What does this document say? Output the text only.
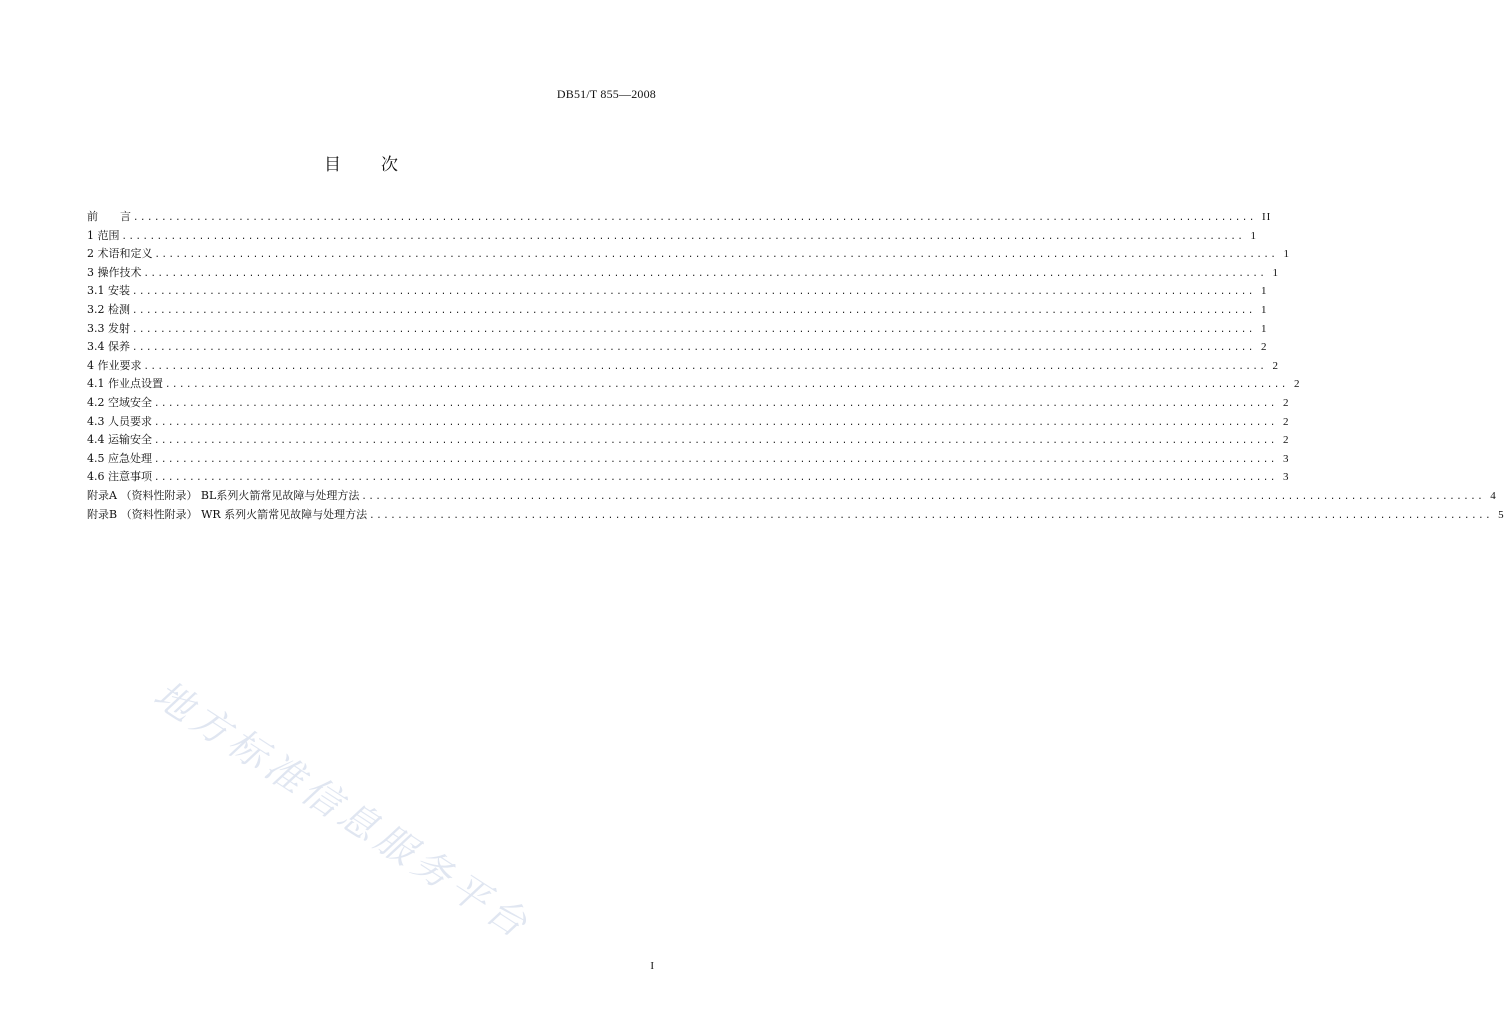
DB51/T 855—2008
目　　次
前　　言 ................................................................................................................................................................ II
1 范围 ................................................................................................................................................................ 1
2 术语和定义 ................................................................................................................................................................ 1
3 操作技术 ................................................................................................................................................................ 1
3.1 安装 ................................................................................................................................................................ 1
3.2 检测 ................................................................................................................................................................ 1
3.3 发射 ................................................................................................................................................................ 1
3.4 保养 ................................................................................................................................................................ 2
4 作业要求 ................................................................................................................................................................ 2
4.1 作业点设置 ................................................................................................................................................................ 2
4.2 空域安全 ................................................................................................................................................................ 2
4.3 人员要求 ................................................................................................................................................................ 2
4.4 运输安全 ................................................................................................................................................................ 2
4.5 应急处理 ................................................................................................................................................................ 3
4.6 注意事项 ................................................................................................................................................................ 3
附录A （资料性附录） BL系列火箭常见故障与处理方法 ................................................................................................................................................................ 4
附录B （资料性附录） WR 系列火箭常见故障与处理方法 ................................................................................................................................................................ 5
地方标准信息服务平台
I
